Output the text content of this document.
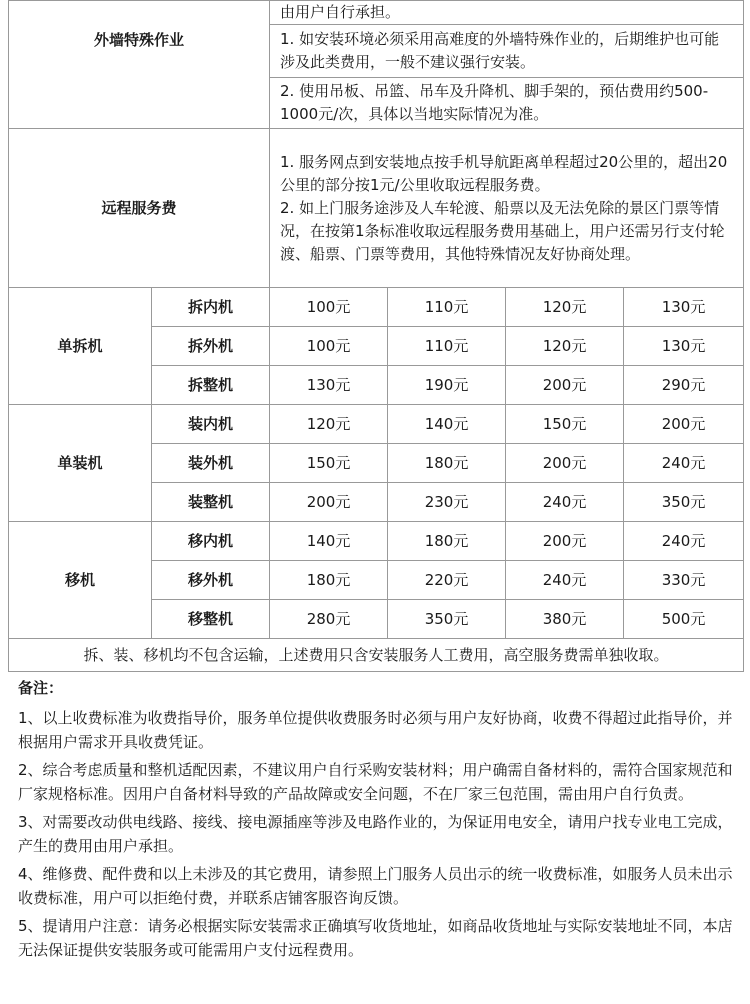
外墙特殊作业		由用户自行承担。			
		1. 如安装环境必须采用高难度的外墙特殊作业的，后期维护也可能涉及此类费用，一般不建议强行安装。			
		2. 使用吊板、吊篮、吊车及升降机、脚手架的，预估费用约500-1000元/次，具体以当地实际情况为准。			
远程服务费		1. 服务网点到安装地点按手机导航距离单程超过20公里的，超出20公里的部分按1元/公里收取远程服务费。
2. 如上门服务途涉及人车轮渡、船票以及无法免除的景区门票等情况，在按第1条标准收取远程服务费用基础上，用户还需另行支付轮渡、船票、门票等费用，其他特殊情况友好协商处理。			

单拆机	拆内机	100元	110元	120元	130元
	拆外机	100元	110元	120元	130元
	拆整机	130元	190元	200元	290元
单装机	装内机	120元	140元	150元	200元
	装外机	150元	180元	200元	240元
	装整机	200元	230元	240元	350元
移机	移内机	140元	180元	200元	240元
	移外机	180元	220元	240元	330元
	移整机	280元	350元	380元	500元
拆、装、移机均不包含运输，上述费用只含安装服务人工费用，高空服务费需单独收取。					
备注：
1、以上收费标准为收费指导价，服务单位提供收费服务时必须与用户友好协商，收费不得超过此指导价，并根据用户需求开具收费凭证。
2、综合考虑质量和整机适配因素，不建议用户自行采购安装材料；用户确需自备材料的，需符合国家规范和厂家规格标准。因用户自备材料导致的产品故障或安全问题，不在厂家三包范围，需由用户自行负责。
3、对需要改动供电线路、接线、接电源插座等涉及电路作业的，为保证用电安全，请用户找专业电工完成，产生的费用由用户承担。
4、维修费、配件费和以上未涉及的其它费用，请参照上门服务人员出示的统一收费标准，如服务人员未出示收费标准，用户可以拒绝付费，并联系店铺客服咨询反馈。
5、提请用户注意：请务必根据实际安装需求正确填写收货地址，如商品收货地址与实际安装地址不同，本店无法保证提供安装服务或可能需用户支付远程费用。
